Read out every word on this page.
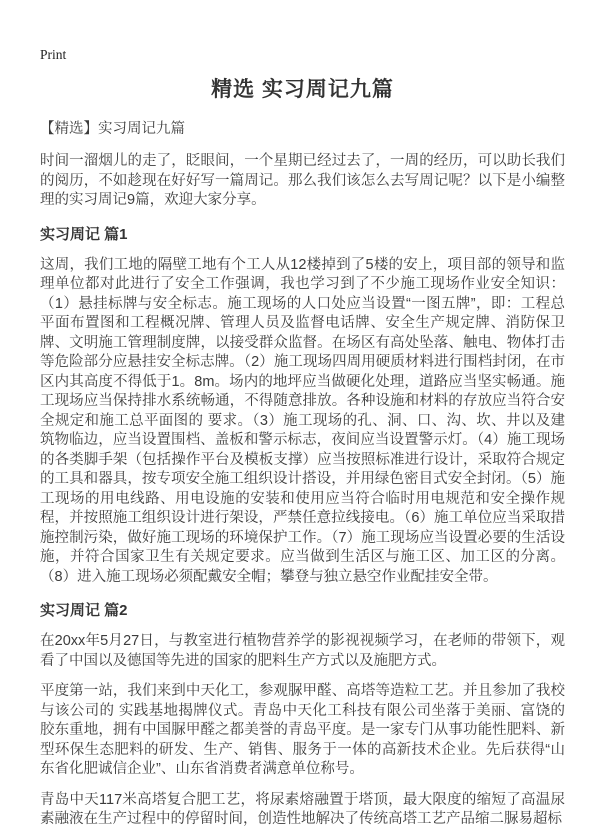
Print
精选 实习周记九篇

【精选】实习周记九篇

时间一溜烟儿的走了，眨眼间，一个星期已经过去了，一周的经历，可以助长我们的阅历，不如趁现在好好写一篇周记。那么我们该怎么去写周记呢？以下是小编整理的实习周记9篇，欢迎大家分享。

实习周记 篇1

这周，我们工地的隔壁工地有个工人从12楼掉到了5楼的安上，项目部的领导和监理单位都对此进行了安全工作强调，我也学习到了不少施工现场作业安全知识：（1）悬挂标牌与安全标志。施工现场的人口处应当设置“一图五牌”，即：工程总平面布置图和工程概况牌、管理人员及监督电话牌、安全生产规定牌、消防保卫牌、文明施工管理制度牌，以接受群众监督。在场区有高处坠落、触电、物体打击等危险部分应悬挂安全标志牌。（2）施工现场四周用硬质材料进行围档封闭，在市区内其高度不得低于1。8m。场内的地坪应当做硬化处理，道路应当坚实畅通。施工现场应当保持排水系统畅通，不得随意排放。各种设施和材料的存放应当符合安全规定和施工总平面图的 要求。（3）施工现场的孔、洞、口、沟、坎、井以及建筑物临边，应当设置围档、盖板和警示标志，夜间应当设置警示灯。（4）施工现场的各类脚手架（包括操作平台及模板支撑）应当按照标准进行设计，采取符合规定的工具和器具，按专项安全施工组织设计搭设，并用绿色密目式安全封闭。（5）施工现场的用电线路、用电设施的安装和使用应当符合临时用电规范和安全操作规程，并按照施工组织设计进行架设，严禁任意拉线接电。（6）施工单位应当采取措施控制污染，做好施工现场的环境保护工作。（7）施工现场应当设置必要的生活设施，并符合国家卫生有关规定要求。应当做到生活区与施工区、加工区的分离。（8）进入施工现场必须配戴安全帽；攀登与独立悬空作业配挂安全带。

实习周记 篇2

在20xx年5月27日，与教室进行植物营养学的影视视频学习，在老师的带领下，观看了中国以及德国等先进的国家的肥料生产方式以及施肥方式。

平度第一站，我们来到中天化工，参观脲甲醛、高塔等造粒工艺。并且参加了我校与该公司的 实践基地揭牌仪式。青岛中天化工科技有限公司坐落于美丽、富饶的胶东重地，拥有中国脲甲醛之都美誉的青岛平度。是一家专门从事功能性肥料、新型环保生态肥料的研发、生产、销售、服务于一体的高新技术企业。先后获得“山东省化肥诚信企业”、山东省消费者满意单位称号。

青岛中天117米高塔复合肥工艺，将尿素熔融置于塔顶，最大限度的缩短了高温尿素融液在生产过程中的停留时间，创造性地解决了传统高塔工艺产品缩二脲易超标
